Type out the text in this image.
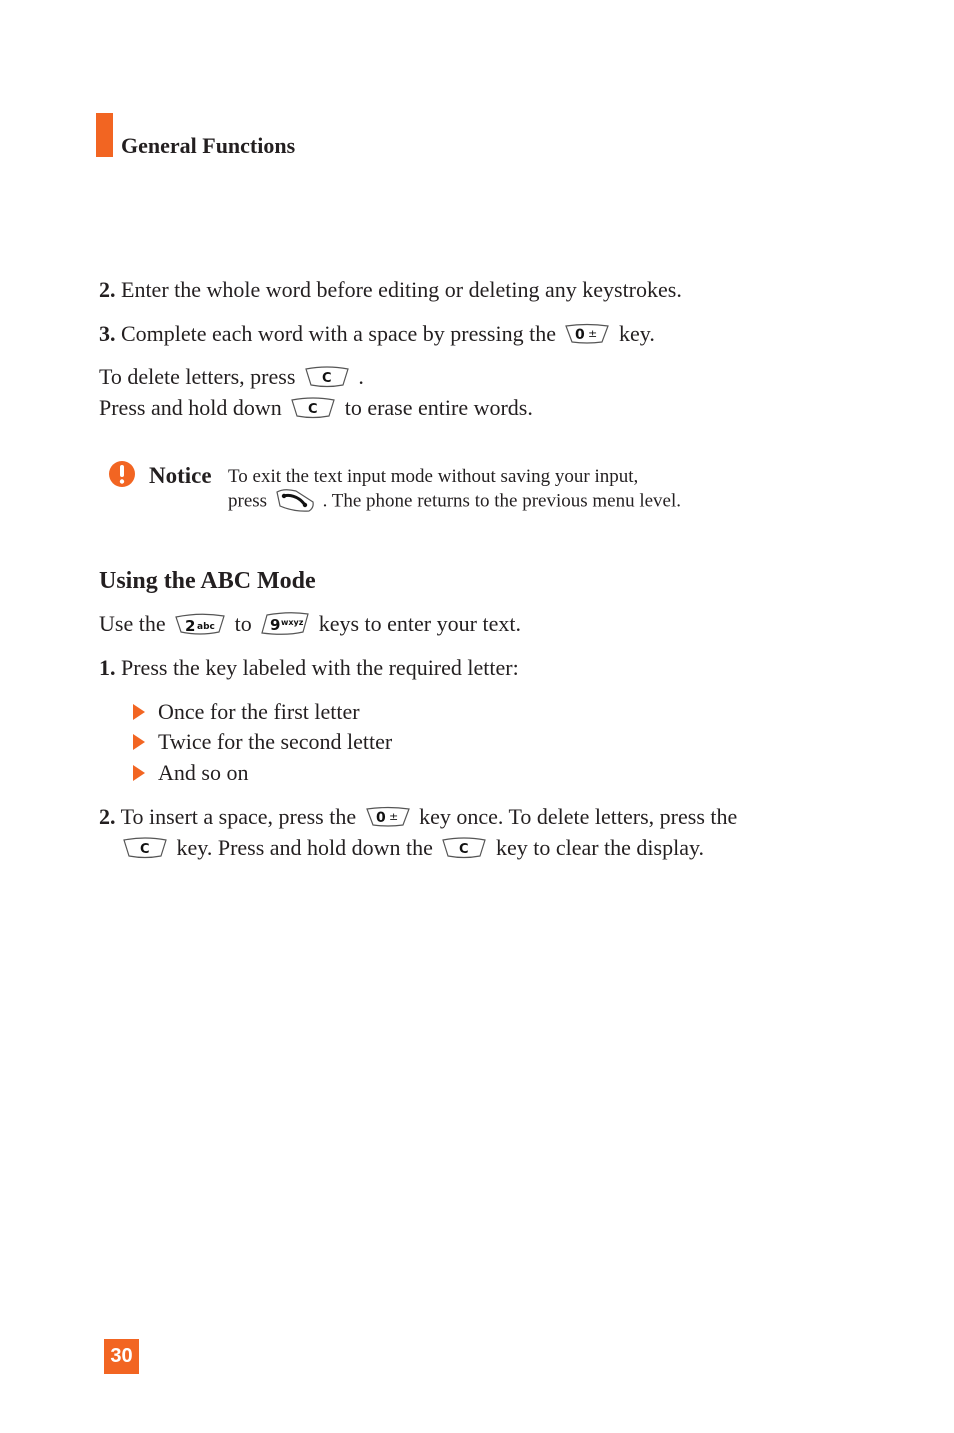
General Functions
2. Enter the whole word before editing or deleting any keystrokes.
3. Complete each word with a space by pressing the 0 ± key.
To delete letters, press C .
Press and hold down C to erase entire words.
Notice To exit the text input mode without saving your input,
press	. The phone returns to the previous menu level.
Using the ABC Mode
Use the 2 abc to 9 wxyz keys to enter your text.
1. Press the key labeled with the required letter:
Once for the first letter
Twice for the second letter
And so on
2. To insert a space, press the 0 ± key once. To delete letters, press the
C key. Press and hold down the C key to clear the display.
30
